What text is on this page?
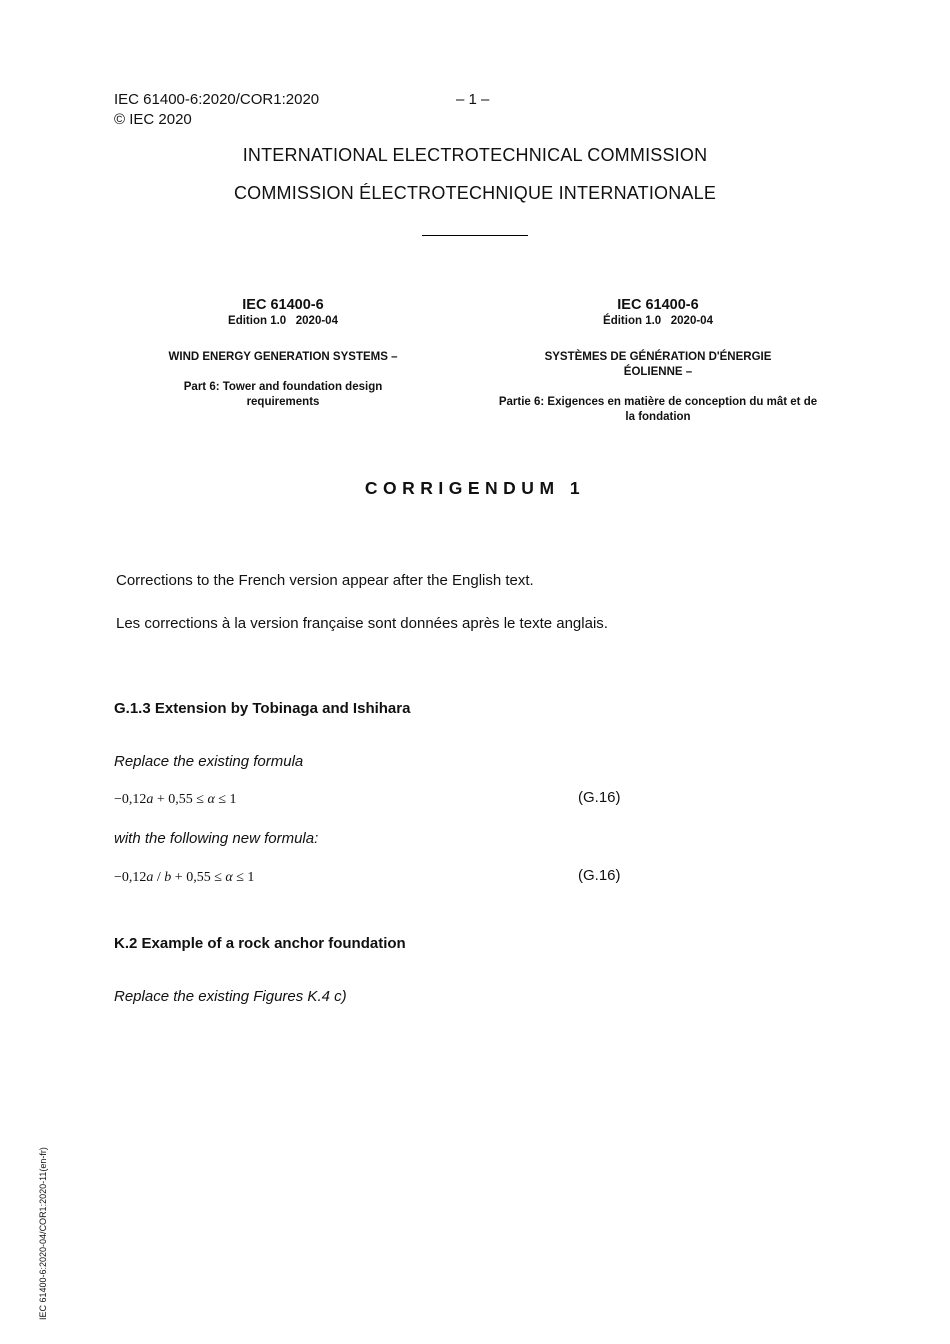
IEC 61400-6:2020/COR1:2020	– 1 –
© IEC 2020
INTERNATIONAL ELECTROTECHNICAL COMMISSION
COMMISSION ÉLECTROTECHNIQUE INTERNATIONALE
IEC 61400-6
Edition 1.0   2020-04
WIND ENERGY GENERATION SYSTEMS –
Part 6: Tower and foundation design requirements
IEC 61400-6
Édition 1.0   2020-04
SYSTÈMES DE GÉNÉRATION D'ÉNERGIE ÉOLIENNE –
Partie 6: Exigences en matière de conception du mât et de la fondation
CORRIGENDUM 1
Corrections to the French version appear after the English text.
Les corrections à la version française sont données après le texte anglais.
G.1.3 Extension by Tobinaga and Ishihara
Replace the existing formula
−0,12a + 0,55 ≤ α ≤ 1	(G.16)
with the following new formula:
−0,12a / b + 0,55 ≤ α ≤ 1	(G.16)
K.2 Example of a rock anchor foundation
Replace the existing Figures K.4 c)
IEC 61400-6:2020-04/COR1:2020-11(en-fr)
